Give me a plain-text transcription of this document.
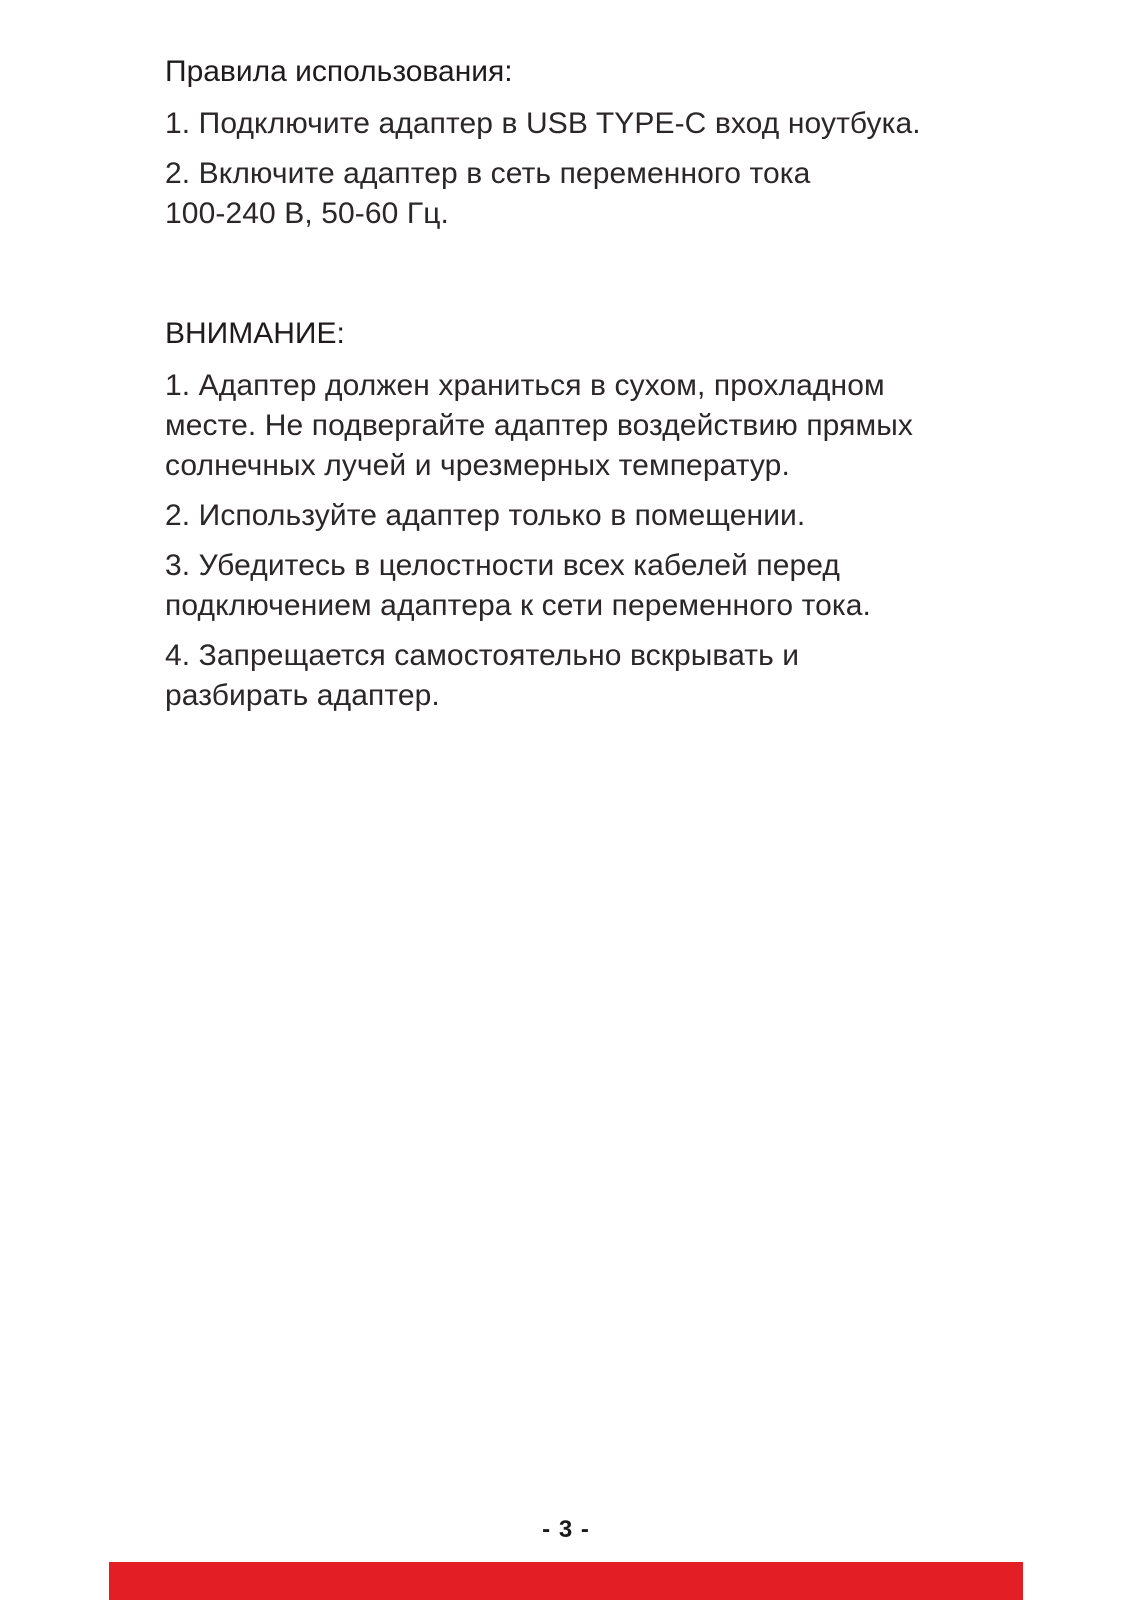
Правила использования:

1. Подключите адаптер в USB TYPE-C вход ноутбука.

2. Включите адаптер в сеть переменного тока 100-240 В, 50-60 Гц.

ВНИМАНИЕ:

1. Адаптер должен храниться в сухом, прохладном месте. Не подвергайте адаптер воздействию прямых солнечных лучей и чрезмерных температур.

2. Используйте адаптер только в помещении.

3. Убедитесь в целостности всех кабелей перед подключением адаптера к сети переменного тока.

4. Запрещается самостоятельно вскрывать и разбирать адаптер.

- 3 -
